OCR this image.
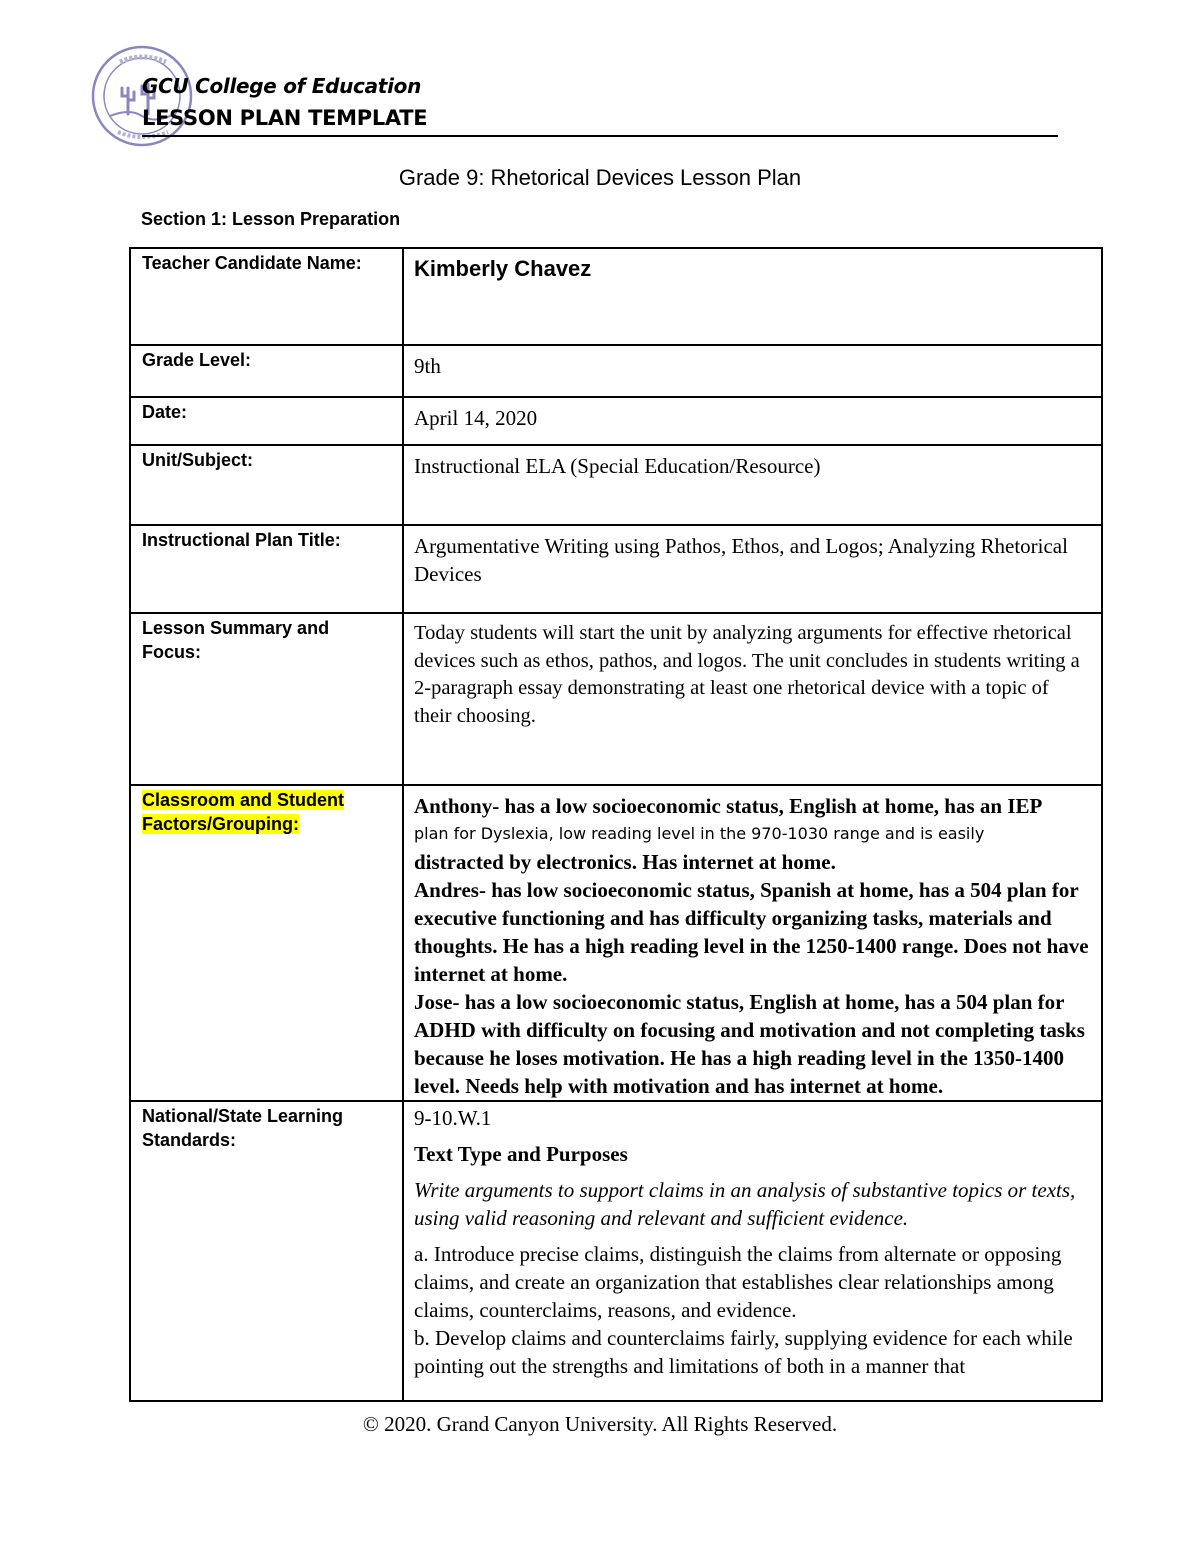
GCU College of Education
LESSON PLAN TEMPLATE
Grade 9: Rhetorical Devices Lesson Plan
Section 1: Lesson Preparation
Teacher Candidate Name:	Kimberly Chavez
Grade Level:	9th
Date:	April 14, 2020
Unit/Subject:	Instructional ELA (Special Education/Resource)
Instructional Plan Title:	Argumentative Writing using Pathos, Ethos, and Logos; Analyzing Rhetorical Devices
Lesson Summary and Focus:	Today students will start the unit by analyzing arguments for effective rhetorical devices such as ethos, pathos, and logos. The unit concludes in students writing a 2-paragraph essay demonstrating at least one rhetorical device with a topic of their choosing.
Classroom and Student Factors/Grouping:	Anthony- has a low socioeconomic status, English at home, has an IEP

plan for Dyslexia, low reading level in the 970-1030 range and is easily

distracted by electronics. Has internet at home.

Andres- has low socioeconomic status, Spanish at home, has a 504 plan for executive functioning and has difficulty organizing tasks, materials and thoughts. He has a high reading level in the 1250-1400 range. Does not have internet at home.

Jose- has a low socioeconomic status, English at home, has a 504 plan for ADHD with difficulty on focusing and motivation and not completing tasks because he loses motivation. He has a high reading level in the 1350-1400 level. Needs help with motivation and has internet at home.

National/State Learning Standards:	9-10.W.1

Text Type and Purposes

Write arguments to support claims in an analysis of substantive topics or texts, using valid reasoning and relevant and sufficient evidence.

a. Introduce precise claims, distinguish the claims from alternate or opposing claims, and create an organization that establishes clear relationships among claims, counterclaims, reasons, and evidence.

b. Develop claims and counterclaims fairly, supplying evidence for each while pointing out the strengths and limitations of both in a manner that

© 2020. Grand Canyon University. All Rights Reserved.
